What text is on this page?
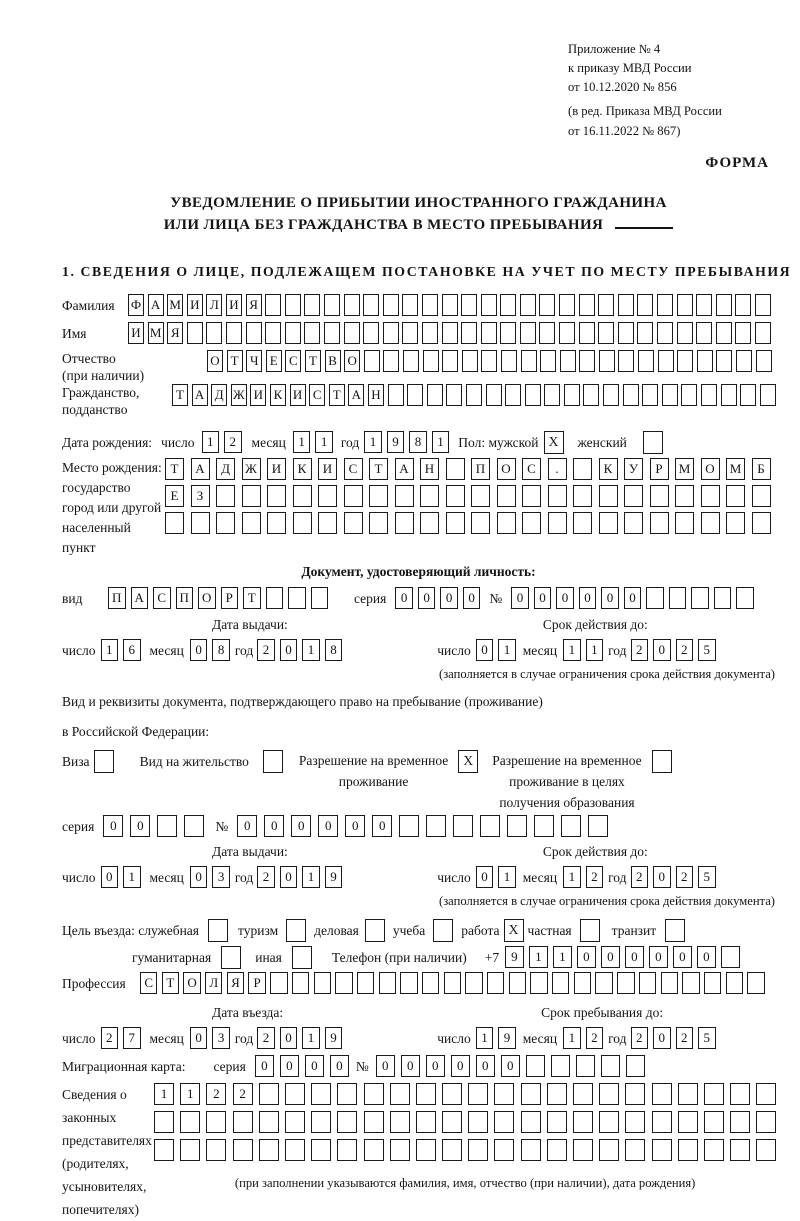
Приложение № 4
к приказу МВД России
от 10.12.2020 № 856
(в ред. Приказа МВД России
от 16.11.2022 № 867)
ФОРМА
УВЕДОМЛЕНИЕ О ПРИБЫТИИ ИНОСТРАННОГО ГРАЖДАНИНА
ИЛИ ЛИЦА БЕЗ ГРАЖДАНСТВА В МЕСТО ПРЕБЫВАНИЯ
1. СВЕДЕНИЯ О ЛИЦЕ, ПОДЛЕЖАЩЕМ ПОСТАНОВКЕ НА УЧЕТ ПО МЕСТУ ПРЕБЫВАНИЯ
Фамилия	Ф А М И Л И Я
Имя	И М Я
Отчество
(при наличии)
О Т Ч Е С Т В О
Гражданство,
подданство
Т А Д Ж И К И С Т А Н
Дата рождения: число 1	2	месяц 1	1	год 1	9	8	1	Пол: мужской X	женский
Место рождения:
государство
город или другой
населенный пункт
Т	А	Д	Ж	И	К	И	С	Т	А	Н	П	О	С	.	К	У	Р	М	О	М	Б
Е	З
Документ, удостоверяющий личность:
вид	П	А	С	П	О	Р	Т	серия	0	0	0	0	№	0	0	0	0	0	0
Дата выдачи:	Срок действия до:
число 1	6	месяц 0	8 год 2	0	1	8	число 0	1 месяц 1	1 год 2	0	2	5
(заполняется в случае ограничения срока действия документа)
Вид и реквизиты документа, подтверждающего право на пребывание (проживание)
в Российской Федерации:
Виза	Вид на жительство	Разрешение на временное
проживание
X	Разрешение на временное
проживание в целях
получения образования
серия	0	0	№	0	0	0	0	0	0
Дата выдачи:	Срок действия до:
число 0	1	месяц 0	3 год 2	0	1	9	число 0	1 месяц 1	2 год 2	0	2	5
(заполняется в случае ограничения срока действия документа)
Цель въезда: служебная	туризм	деловая	учеба	работа X частная	транзит
гуманитарная	иная	Телефон (при наличии) +7 9	1	1	0	0	0	0	0	0
Профессия	С	Т	О Л Я	Р
Дата въезда:	Срок пребывания до:
число 2	7	месяц 0	3 год 2	0	1	9	число 1	9 месяц 1	2 год 2	0	2	5
Миграционная карта: серия	0	0	0	0 №	0	0	0	0	0	0
Сведения о
законных
представителях
(родителях,
усыновителях,
попечителях)
1	1	2	2
(при заполнении указываются фамилия, имя, отчество (при наличии), дата рождения)
